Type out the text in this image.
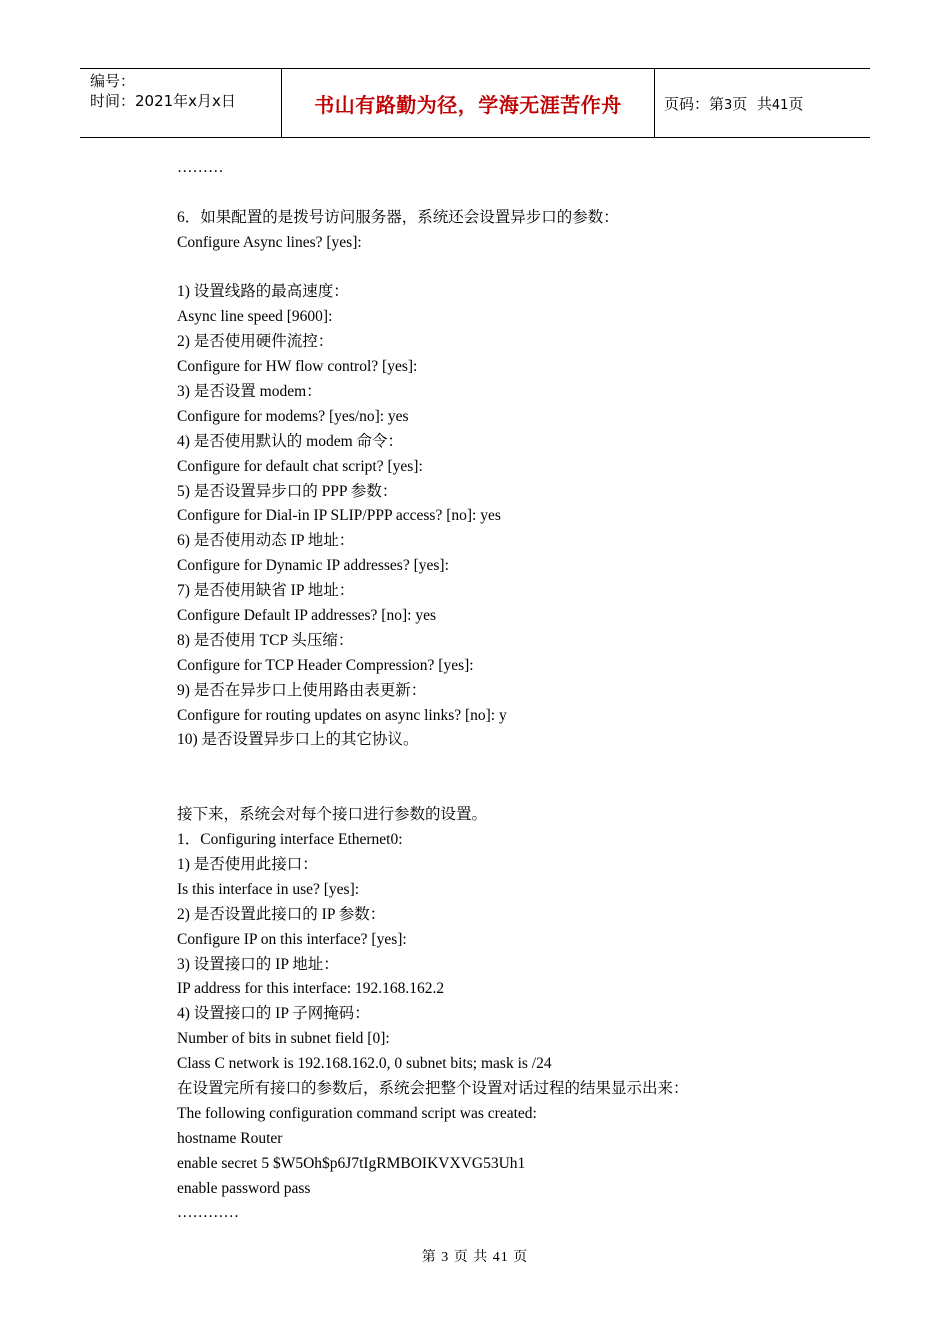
编号：
时间：2021年x月x日	书山有路勤为径，学海无涯苦作舟	页码：第3页  共41页
………
6．如果配置的是拨号访问服务器，系统还会设置异步口的参数：
Configure Async lines? [yes]:
1) 设置线路的最高速度：
Async line speed [9600]:
2) 是否使用硬件流控：
Configure for HW flow control? [yes]:
3) 是否设置 modem：
Configure for modems? [yes/no]: yes
4) 是否使用默认的 modem 命令：
Configure for default chat script? [yes]:
5) 是否设置异步口的 PPP 参数：
Configure for Dial-in IP SLIP/PPP access? [no]: yes
6) 是否使用动态 IP 地址：
Configure for Dynamic IP addresses? [yes]:
7) 是否使用缺省 IP 地址：
Configure Default IP addresses? [no]: yes
8) 是否使用 TCP 头压缩：
Configure for TCP Header Compression? [yes]:
9) 是否在异步口上使用路由表更新：
Configure for routing updates on async links? [no]: y
10) 是否设置异步口上的其它协议。
接下来，系统会对每个接口进行参数的设置。
1．Configuring interface Ethernet0:
1) 是否使用此接口：
Is this interface in use? [yes]:
2) 是否设置此接口的 IP 参数：
Configure IP on this interface? [yes]:
3) 设置接口的 IP 地址：
IP address for this interface: 192.168.162.2
4) 设置接口的 IP 子网掩码：
Number of bits in subnet field [0]:
Class C network is 192.168.162.0, 0 subnet bits; mask is /24
在设置完所有接口的参数后，系统会把整个设置对话过程的结果显示出来：
The following configuration command script was created:
hostname Router
enable secret 5 $W5Oh$p6J7tIgRMBOIKVXVG53Uh1
enable password pass
…………
第 3 页 共 41 页
